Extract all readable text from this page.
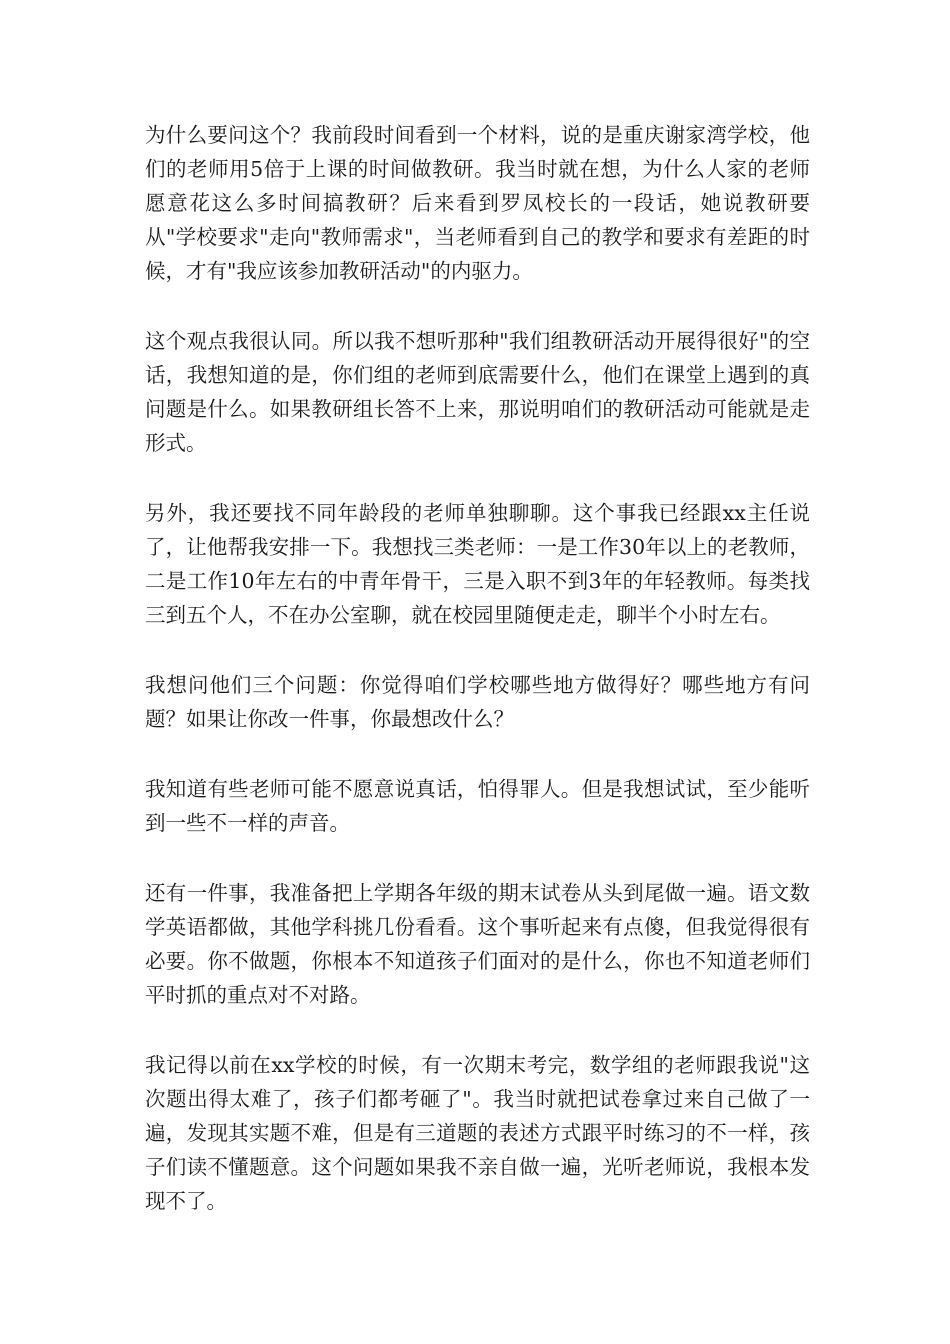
为什么要问这个？我前段时间看到一个材料，说的是重庆谢家湾学校，他们的老师用5倍于上课的时间做教研。我当时就在想，为什么人家的老师愿意花这么多时间搞教研？后来看到罗凤校长的一段话，她说教研要从"学校要求"走向"教师需求"，当老师看到自己的教学和要求有差距的时候，才有"我应该参加教研活动"的内驱力。

这个观点我很认同。所以我不想听那种"我们组教研活动开展得很好"的空话，我想知道的是，你们组的老师到底需要什么，他们在课堂上遇到的真问题是什么。如果教研组长答不上来，那说明咱们的教研活动可能就是走形式。

另外，我还要找不同年龄段的老师单独聊聊。这个事我已经跟xx主任说了，让他帮我安排一下。我想找三类老师：一是工作30年以上的老教师，二是工作10年左右的中青年骨干，三是入职不到3年的年轻教师。每类找三到五个人，不在办公室聊，就在校园里随便走走，聊半个小时左右。

我想问他们三个问题：你觉得咱们学校哪些地方做得好？哪些地方有问题？如果让你改一件事，你最想改什么？

我知道有些老师可能不愿意说真话，怕得罪人。但是我想试试，至少能听到一些不一样的声音。

还有一件事，我准备把上学期各年级的期末试卷从头到尾做一遍。语文数学英语都做，其他学科挑几份看看。这个事听起来有点傻，但我觉得很有必要。你不做题，你根本不知道孩子们面对的是什么，你也不知道老师们平时抓的重点对不对路。

我记得以前在xx学校的时候，有一次期末考完，数学组的老师跟我说"这次题出得太难了，孩子们都考砸了"。我当时就把试卷拿过来自己做了一遍，发现其实题不难，但是有三道题的表述方式跟平时练习的不一样，孩子们读不懂题意。这个问题如果我不亲自做一遍，光听老师说，我根本发现不了。
